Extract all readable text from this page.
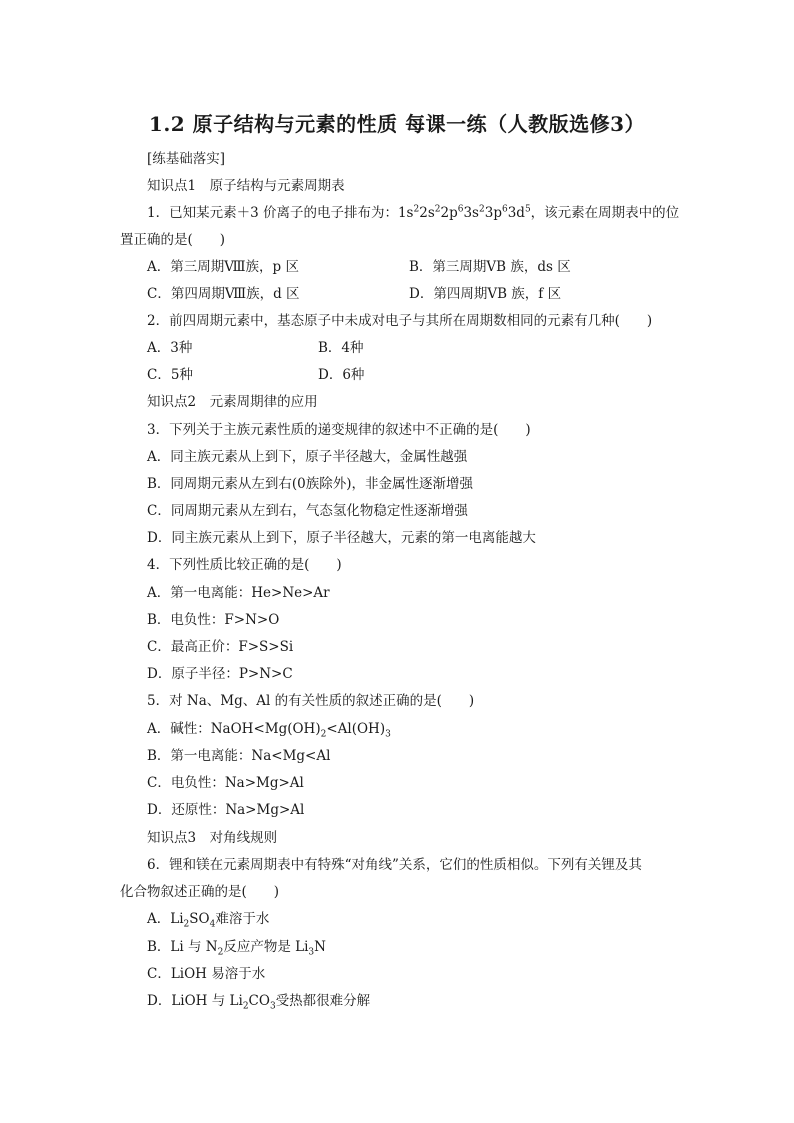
1.2 原子结构与元素的性质 每课一练（人教版选修3）
[练基础落实]
知识点1　原子结构与元素周期表
1．已知某元素＋3 价离子的电子排布为：$1s^22s^22p^63s^23p^63d^5$，该元素在周期表中的位
置正确的是(　　)
A．第三周期Ⅷ族，p 区	B．第三周期ⅤB 族，ds 区
C．第四周期Ⅷ族，d 区	D．第四周期ⅤB 族，f 区
2．前四周期元素中，基态原子中未成对电子与其所在周期数相同的元素有几种(　　)
A．3种	B．4种
C．5种	D．6种
知识点2　元素周期律的应用
3．下列关于主族元素性质的递变规律的叙述中不正确的是(　　)
A．同主族元素从上到下，原子半径越大，金属性越强
B．同周期元素从左到右(0族除外)，非金属性逐渐增强
C．同周期元素从左到右，气态氢化物稳定性逐渐增强
D．同主族元素从上到下，原子半径越大，元素的第一电离能越大
4．下列性质比较正确的是(　　)
A．第一电离能：He>Ne>Ar
B．电负性：F>N>O
C．最高正价：F>S>Si
D．原子半径：P>N>C
5．对 Na、Mg、Al 的有关性质的叙述正确的是(　　)
A．碱性：$NaOH<Mg(OH)_2<Al(OH)_3$
B．第一电离能：Na<Mg<Al
C．电负性：Na>Mg>Al
D．还原性：Na>Mg>Al
知识点3　对角线规则
6．锂和镁在元素周期表中有特殊“对角线”关系，它们的性质相似。下列有关锂及其
化合物叙述正确的是(　　)
A．$Li_2SO_4$难溶于水
B．Li 与 $N_2$反应产物是 $Li_3N$
C．LiOH 易溶于水
D．LiOH 与 $Li_2CO_3$受热都很难分解
